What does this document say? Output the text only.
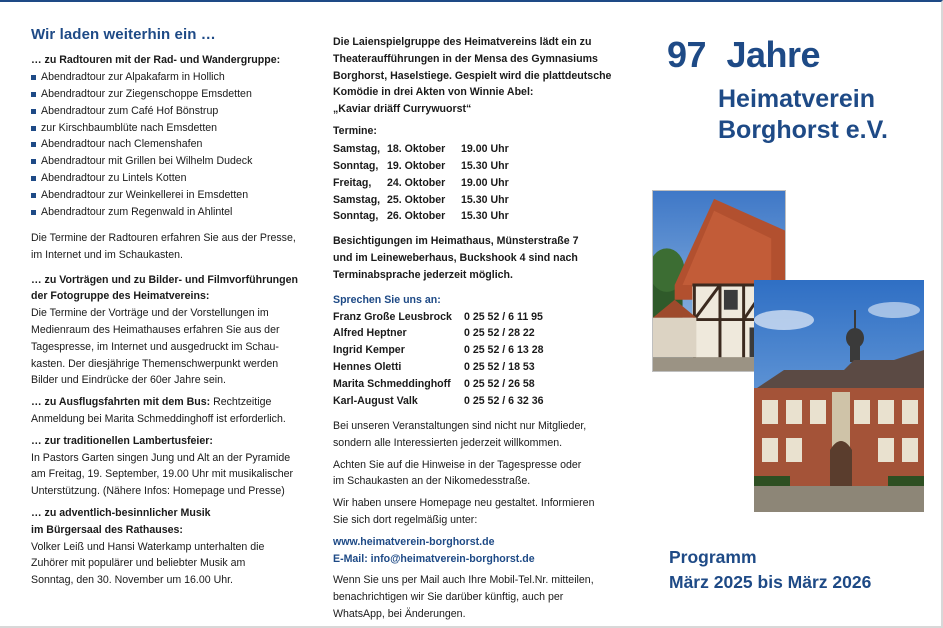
Wir laden weiterhin ein …
… zu Radtouren mit der Rad- und Wandergruppe:
Abendradtour zur Alpakafarm in Hollich
Abendradtour zur Ziegenschoppe Emsdetten
Abendradtour zum Café Hof Bönstrup
zur Kirschbaumblüte nach Emsdetten
Abendradtour nach Clemenshafen
Abendradtour mit Grillen bei Wilhelm Dudeck
Abendradtour zu Lintels Kotten
Abendradtour zur Weinkellerei in Emsdetten
Abendradtour zum Regenwald in Ahlintel
Die Termine der Radtouren erfahren Sie aus der Presse,
im Internet und im Schaukasten.
… zu Vorträgen und zu Bilder- und Filmvorführungen
der Fotogruppe des Heimatvereins:
Die Termine der Vorträge und der Vorstellungen im
Medienraum des Heimathauses erfahren Sie aus der
Tagespresse, im Internet und ausgedruckt im Schau-
kasten. Der diesjährige Themenschwerpunkt werden
Bilder und Eindrücke der 60er Jahre sein.
… zu Ausflugsfahrten mit dem Bus: Rechtzeitige
Anmeldung bei Marita Schmeddinghoff ist erforderlich.
… zur traditionellen Lambertusfeier:
In Pastors Garten singen Jung und Alt an der Pyramide
am Freitag, 19. September, 19.00 Uhr mit musikalischer
Unterstützung. (Nähere Infos: Homepage und Presse)
… zu adventlich-besinnlicher Musik
im Bürgersaal des Rathauses:
Volker Leiß und Hansi Waterkamp unterhalten die
Zuhörer mit populärer und beliebter Musik am
Sonntag, den 30. November um 16.00 Uhr.
Die Laienspielgruppe des Heimatvereins lädt ein zu
Theateraufführungen in der Mensa des Gymnasiums
Borghorst, Haselstiege. Gespielt wird die plattdeutsche
Komödie in drei Akten von Winnie Abel:
„Kaviar driäff Currywuorst“
Termine:
Samstag, 18. Oktober	19.00 Uhr
Sonntag, 19. Oktober	15.30 Uhr
Freitag,	24. Oktober	19.00 Uhr
Samstag, 25. Oktober	15.30 Uhr
Sonntag, 26. Oktober	15.30 Uhr
Besichtigungen im Heimathaus, Münsterstraße 7
und im Leineweberhaus, Buckshook 4 sind nach
Terminabsprache jederzeit möglich.
Sprechen Sie uns an:
Franz Große Leusbrock	0 25 52 / 6 11 95
Alfred Heptner	0 25 52 / 28 22
Ingrid Kemper	0 25 52 / 6 13 28
Hennes Oletti	0 25 52 / 18 53
Marita Schmeddinghoff	0 25 52 / 26 58
Karl-August Valk	0 25 52 / 6 32 36
Bei unseren Veranstaltungen sind nicht nur Mitglieder,
sondern alle Interessierten jederzeit willkommen.
Achten Sie auf die Hinweise in der Tagespresse oder
im Schaukasten an der Nikomedesstraße.
Wir haben unsere Homepage neu gestaltet. Informieren
Sie sich dort regelmäßig unter:
www.heimatverein-borghorst.de
E-Mail: info@heimatverein-borghorst.de
Wenn Sie uns per Mail auch Ihre Mobil-Tel.Nr. mitteilen,
benachrichtigen wir Sie darüber künftig, auch per
WhatsApp, bei Änderungen.
97 Jahre
Heimatverein
Borghorst e.V.
Programm
März 2025 bis März 2026
